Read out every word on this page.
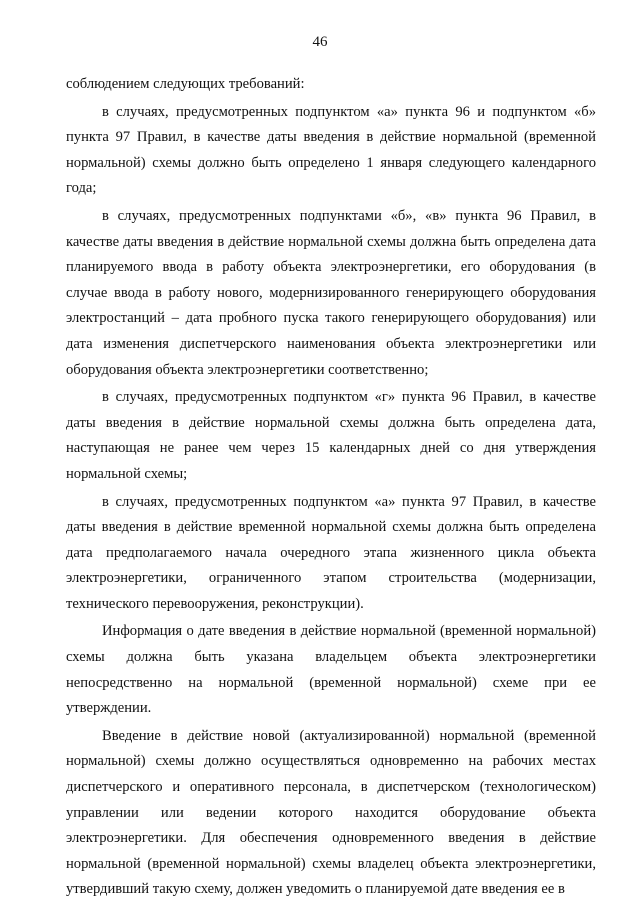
46

соблюдением следующих требований:

в случаях, предусмотренных подпунктом «а» пункта 96 и подпунктом «б» пункта 97 Правил, в качестве даты введения в действие нормальной (временной нормальной) схемы должно быть определено 1 января следующего календарного года;

в случаях, предусмотренных подпунктами «б», «в» пункта 96 Правил, в качестве даты введения в действие нормальной схемы должна быть определена дата планируемого ввода в работу объекта электроэнергетики, его оборудования (в случае ввода в работу нового, модернизированного генерирующего оборудования электростанций – дата пробного пуска такого генерирующего оборудования) или дата изменения диспетчерского наименования объекта электроэнергетики или оборудования объекта электроэнергетики соответственно;

в случаях, предусмотренных подпунктом «г» пункта 96 Правил, в качестве даты введения в действие нормальной схемы должна быть определена дата, наступающая не ранее чем через 15 календарных дней со дня утверждения нормальной схемы;

в случаях, предусмотренных подпунктом «а» пункта 97 Правил, в качестве даты введения в действие временной нормальной схемы должна быть определена дата предполагаемого начала очередного этапа жизненного цикла объекта электроэнергетики, ограниченного этапом строительства (модернизации, технического перевооружения, реконструкции).

Информация о дате введения в действие нормальной (временной нормальной) схемы должна быть указана владельцем объекта электроэнергетики непосредственно на нормальной (временной нормальной) схеме при ее утверждении.

Введение в действие новой (актуализированной) нормальной (временной нормальной) схемы должно осуществляться одновременно на рабочих местах диспетчерского и оперативного персонала, в диспетчерском (технологическом) управлении или ведении которого находится оборудование объекта электроэнергетики. Для обеспечения одновременного введения в действие нормальной (временной нормальной) схемы владелец объекта электроэнергетики, утвердивший такую схему, должен уведомить о планируемой дате введения ее в
